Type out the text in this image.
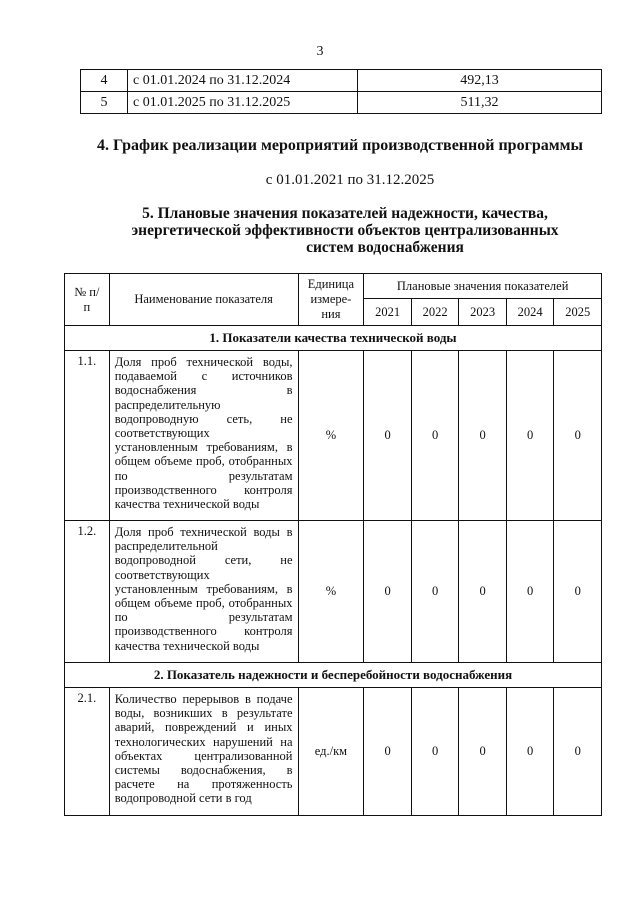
3
4	с 01.01.2024 по 31.12.2024	492,13
5	с 01.01.2025 по 31.12.2025	511,32
4. График реализации мероприятий производственной программы
с 01.01.2021 по 31.12.2025
5. Плановые значения показателей надежности, качества,
энергетической эффективности объектов централизованных
систем водоснабжения
№ п/п	Наименование показателя	Единица измере-ния	Плановые значения показателей				
			2021	2022	2023	2024	2025
1. Показатели качества технической воды							
1.1.	Доля проб технической воды, подаваемой с источников водоснабжения в распределительную водопроводную сеть, не соответствующих установленным требованиям, в общем объеме проб, отобранных по результатам производственного контроля качества технической воды	%	0	0	0	0	0
1.2.	Доля проб технической воды в распределительной водопроводной сети, не соответствующих установленным требованиям, в общем объеме проб, отобранных по результатам производственного контроля качества технической воды	%	0	0	0	0	0
2. Показатель надежности и бесперебойности водоснабжения							
2.1.	Количество перерывов в подаче воды, возникших в результате аварий, повреждений и иных технологических нарушений на объектах централизованной системы водоснабжения, в расчете на протяженность водопроводной сети в год	ед./км	0	0	0	0	0
